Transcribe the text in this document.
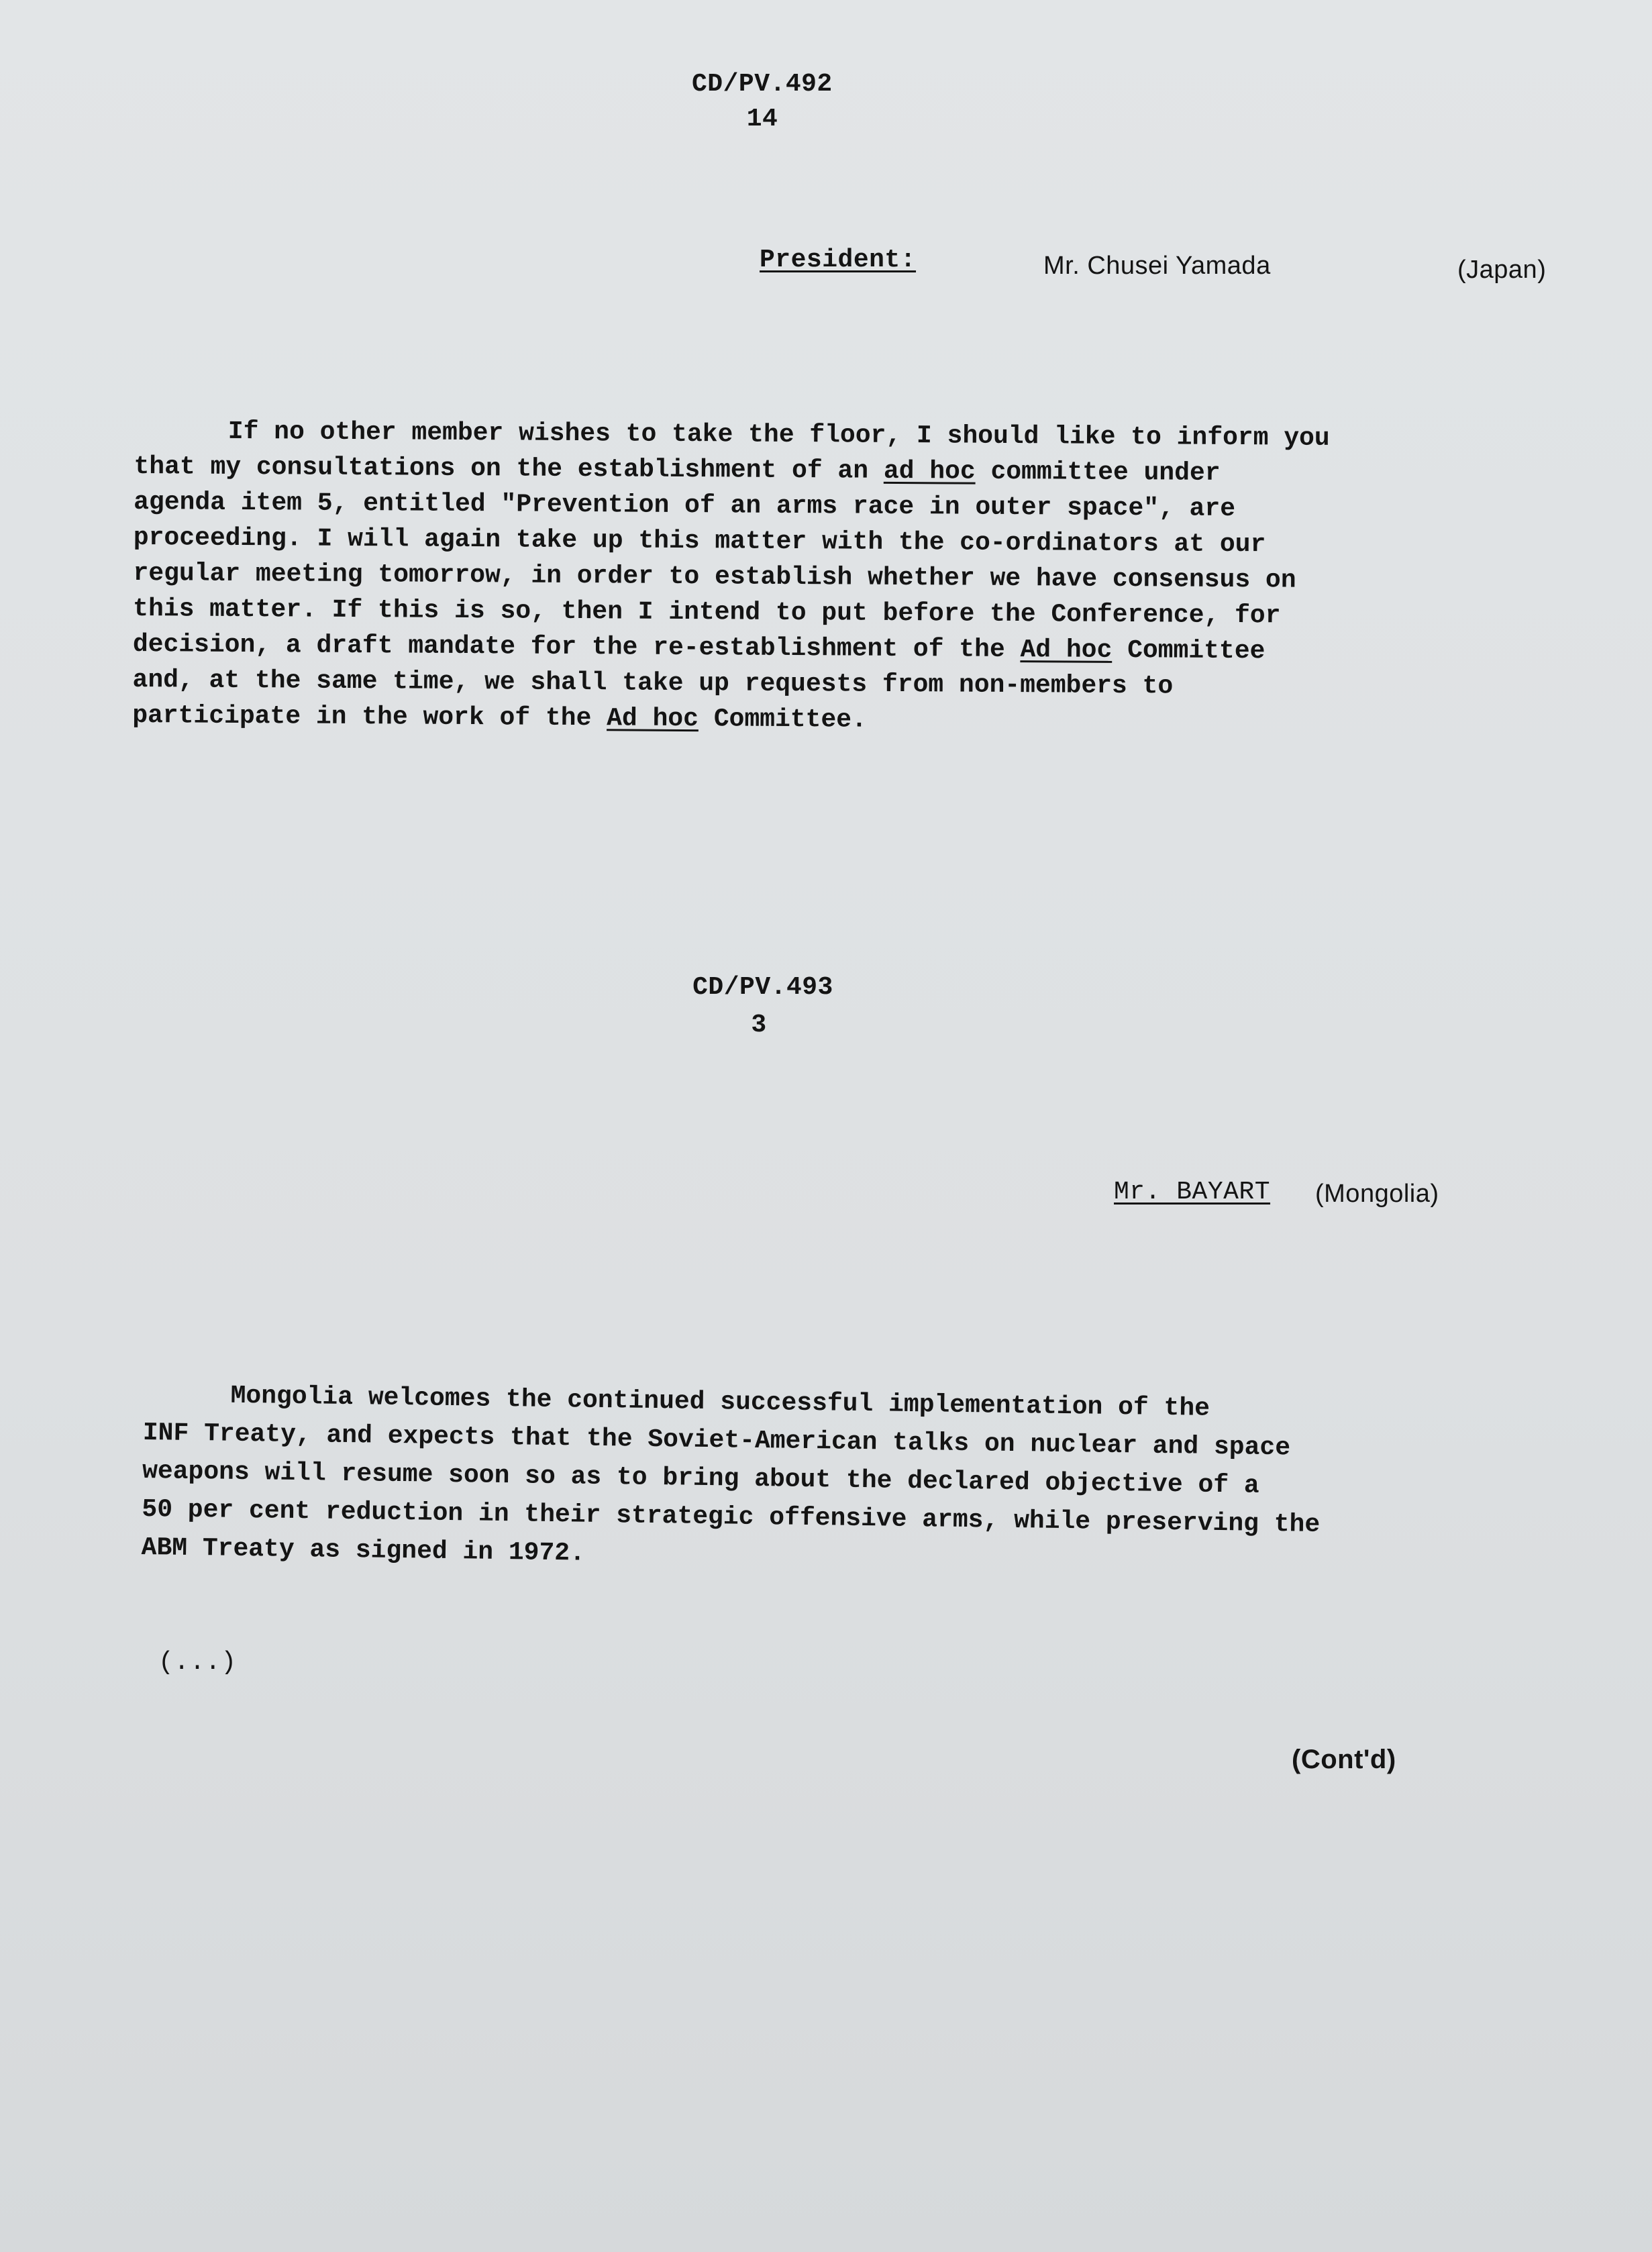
CD/PV.492
14
President:	Mr. Chusei Yamada	(Japan)
If no other member wishes to take the floor, I should like to inform you
that my consultations on the establishment of an ad hoc committee under
agenda item 5, entitled "Prevention of an arms race in outer space", are
proceeding. I will again take up this matter with the co-ordinators at our
regular meeting tomorrow, in order to establish whether we have consensus on
this matter. If this is so, then I intend to put before the Conference, for
decision, a draft mandate for the re-establishment of the Ad hoc Committee
and, at the same time, we shall take up requests from non-members to
participate in the work of the Ad hoc Committee.
CD/PV.493
3
Mr. BAYART (Mongolia)
Mongolia welcomes the continued successful implementation of the
INF Treaty, and expects that the Soviet-American talks on nuclear and space
weapons will resume soon so as to bring about the declared objective of a
50 per cent reduction in their strategic offensive arms, while preserving the
ABM Treaty as signed in 1972.
(...)
(Cont'd)
